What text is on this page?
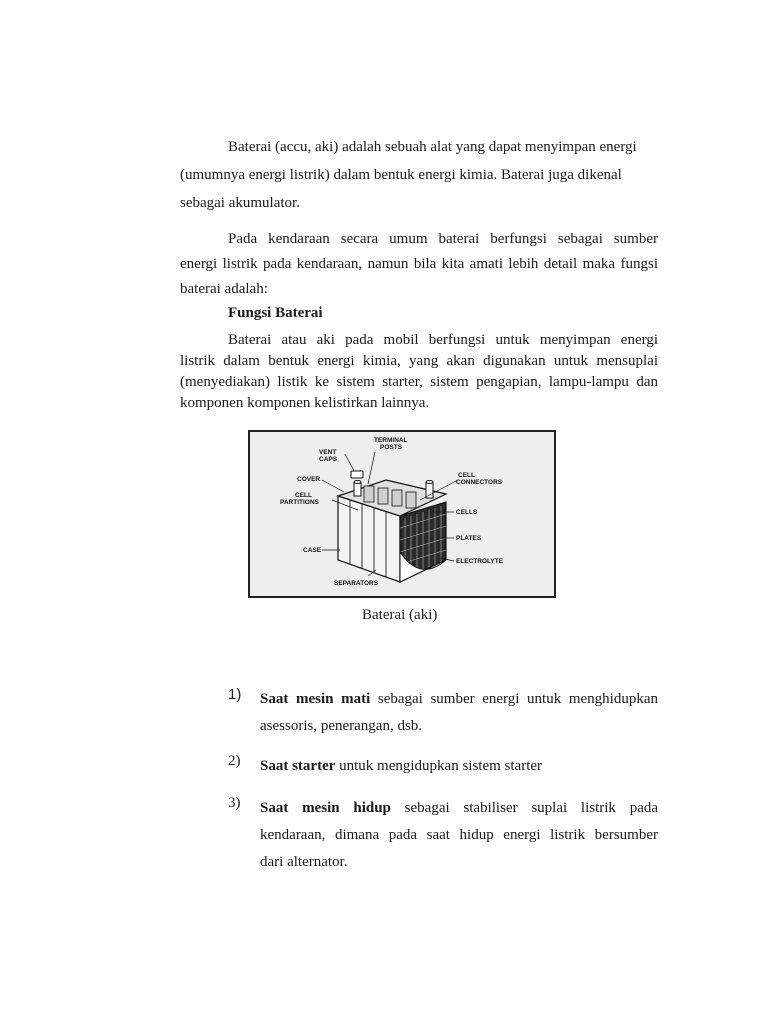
Baterai (accu, aki) adalah sebuah alat yang dapat menyimpan energi
(umumnya energi listrik) dalam bentuk energi kimia. Baterai juga dikenal
sebagai akumulator.
Pada kendaraan secara umum baterai berfungsi sebagai sumber
energi listrik pada kendaraan, namun bila kita amati lebih detail maka fungsi
baterai adalah:

Fungsi Baterai

Baterai atau aki pada mobil berfungsi untuk menyimpan energi
listrik dalam bentuk energi kimia, yang akan digunakan untuk mensuplai
(menyediakan) listik ke sistem starter, sistem pengapian, lampu-lampu dan
komponen komponen kelistirkan lainnya.
TERMINAL
POSTS
VENT
CAPS
COVER
CELL
PARTITIONS
CASE
SEPARATORS
CELL
CONNECTORS
CELLS
PLATES
ELECTROLYTE

Baterai (aki)

1) Saat mesin mati sebagai sumber energi untuk menghidupkan
asessoris, penerangan, dsb.
2) Saat starter untuk mengidupkan sistem starter
3) Saat mesin hidup sebagai stabiliser suplai listrik pada
kendaraan, dimana pada saat hidup energi listrik bersumber
dari alternator.
